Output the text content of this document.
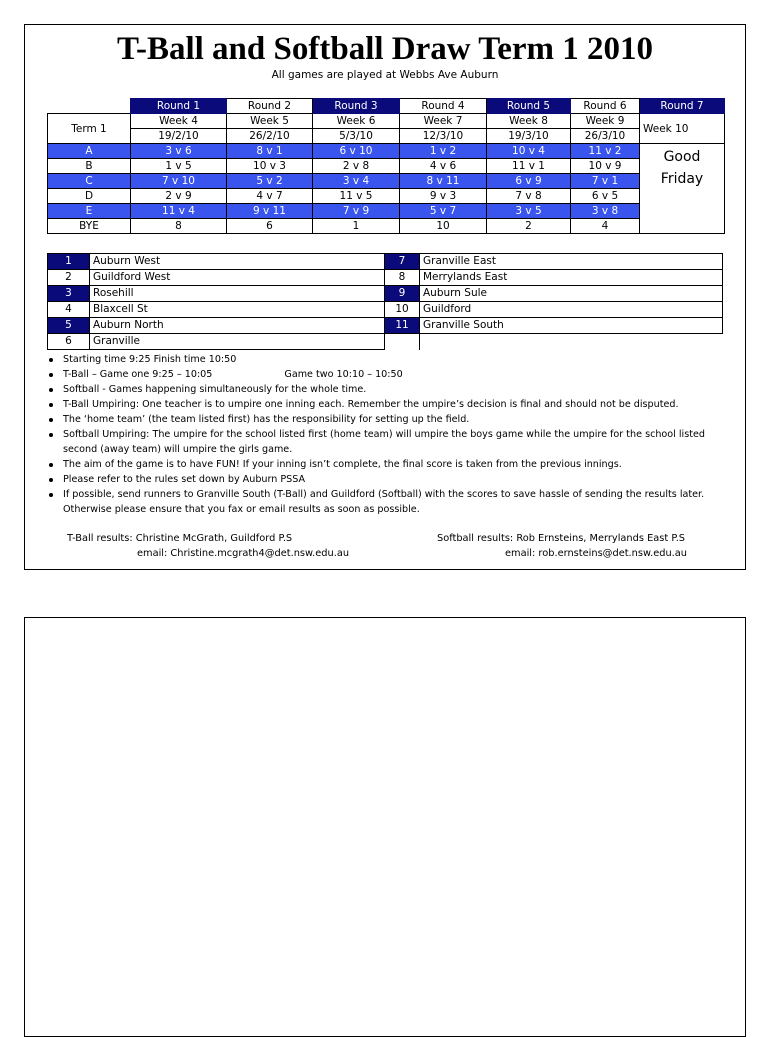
T-Ball and Softball Draw Term 1 2010
All games are played at Webbs Ave Auburn
	Round 1	Round 2	Round 3	Round 4	Round 5	Round 6	Round 7
Term 1	Week 4	Week 5	Week 6	Week 7	Week 8	Week 9	Week 10
	19/2/10	26/2/10	5/3/10	12/3/10	19/3/10	26/3/10	
A	3 v 6	8 v 1	6 v 10	1 v 2	10 v 4	11 v 2	Good
Friday

B	1 v 5	10 v 3	2 v 8	4 v 6	11 v 1	10 v 9	
C	7 v 10	5 v 2	3 v 4	8 v 11	6 v 9	7 v 1	
D	2 v 9	4 v 7	11 v 5	9 v 3	7 v 8	6 v 5	
E	11 v 4	9 v 11	7 v 9	5 v 7	3 v 5	3 v 8	
BYE	8	6	1	10	2	4	
1	Auburn West	7	Granville East
2	Guildford West	8	Merrylands East
3	Rosehill	9	Auburn Sule
4	Blaxcell St	10	Guildford
5	Auburn North	11	Granville South
6	Granville		
Starting time 9:25 Finish time 10:50
T-Ball – Game one 9:25 – 10:05	Game two 10:10 – 10:50
Softball - Games happening simultaneously for the whole time.
T-Ball Umpiring: One teacher is to umpire one inning each. Remember the umpire’s decision is final and should not be disputed.
The ‘home team’ (the team listed first) has the responsibility for setting up the field.
Softball Umpiring: The umpire for the school listed first (home team) will umpire the boys game while the umpire for the school listed
second (away team) will umpire the girls game.
The aim of the game is to have FUN! If your inning isn’t complete, the final score is taken from the previous innings.
Please refer to the rules set down by Auburn PSSA
If possible, send runners to Granville South (T-Ball) and Guildford (Softball) with the scores to save hassle of sending the results later.
Otherwise please ensure that you fax or email results as soon as possible.
T-Ball results: Christine McGrath, Guildford P.S
email: Christine.mcgrath4@det.nsw.edu.au
Softball results: Rob Ernsteins, Merrylands East P.S
email: rob.ernsteins@det.nsw.edu.au
